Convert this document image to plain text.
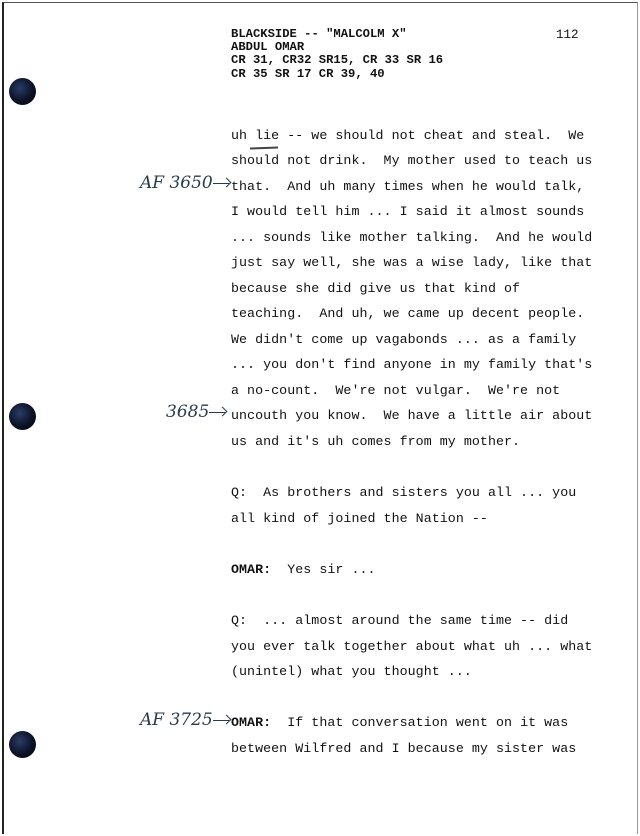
BLACKSIDE -- "MALCOLM X"
ABDUL OMAR
CR 31, CR32 SR15, CR 33 SR 16
CR 35 SR 17 CR 39, 40
112
uh lie -- we should not cheat and steal.  We
should not drink.  My mother used to teach us
that.  And uh many times when he would talk,
I would tell him ... I said it almost sounds
... sounds like mother talking.  And he would
just say well, she was a wise lady, like that
because she did give us that kind of
teaching.  And uh, we came up decent people.
We didn't come up vagabonds ... as a family
... you don't find anyone in my family that's
a no-count.  We're not vulgar.  We're not
uncouth you know.  We have a little air about
us and it's uh comes from my mother.
Q:  As brothers and sisters you all ... you
all kind of joined the Nation --
OMAR:  Yes sir ...
Q:  ... almost around the same time -- did
you ever talk together about what uh ... what
(unintel) what you thought ...
OMAR:  If that conversation went on it was
between Wilfred and I because my sister was
AF 3650
3685
AF 3725
